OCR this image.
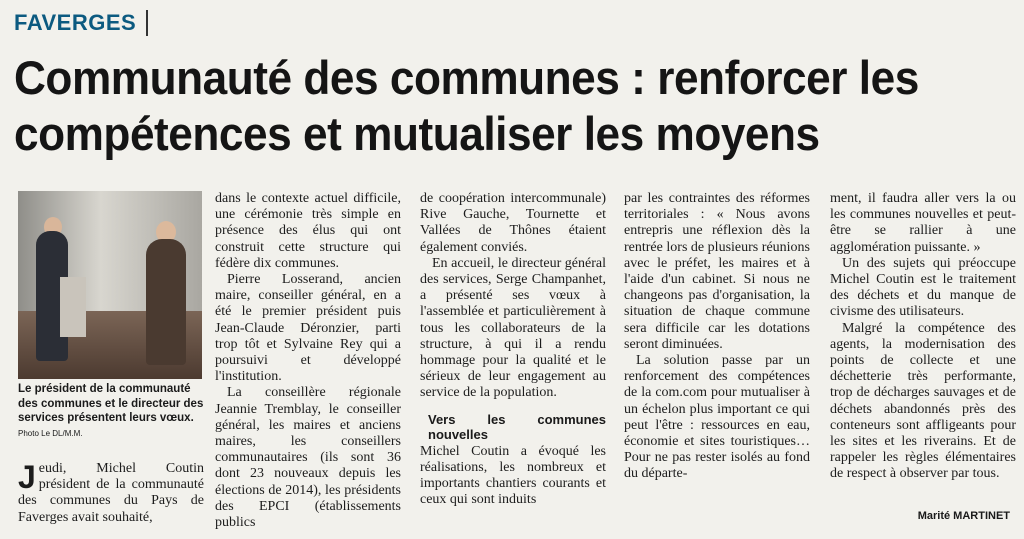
FAVERGES
Communauté des communes : renforcer les compétences et mutualiser les moyens
Le président de la communauté des communes et le directeur des services présentent leurs vœux. Photo Le DL/M.M.

Jeudi, Michel Coutin président de la communauté des communes du Pays de Faverges avait souhaité,

dans le contexte actuel difficile, une cérémonie très simple en présence des élus qui ont construit cette structure qui fédère dix communes.

Pierre Losserand, ancien maire, conseiller général, en a été le premier président puis Jean-Claude Déronzier, parti trop tôt et Sylvaine Rey qui a poursuivi et développé l'institution.

La conseillère régionale Jeannie Tremblay, le conseiller général, les maires et anciens maires, les conseillers communautaires (ils sont 36 dont 23 nouveaux depuis les élections de 2014), les présidents des EPCI (établissements publics

de coopération intercommunale) Rive Gauche, Tournette et Vallées de Thônes étaient également conviés.

En accueil, le directeur général des services, Serge Champanhet, a présenté ses vœux à l'assemblée et particulièrement à tous les collaborateurs de la structure, à qui il a rendu hommage pour la qualité et le sérieux de leur engagement au service de la population.

Vers les communes nouvelles
Michel Coutin a évoqué les réalisations, les nombreux et importants chantiers courants et ceux qui sont induits

par les contraintes des réformes territoriales : « Nous avons entrepris une réflexion dès la rentrée lors de plusieurs réunions avec le préfet, les maires et à l'aide d'un cabinet. Si nous ne changeons pas d'organisation, la situation de chaque commune sera difficile car les dotations seront diminuées.

La solution passe par un renforcement des compétences de la com.com pour mutualiser à un échelon plus important ce qui peut l'être : ressources en eau, économie et sites touristiques… Pour ne pas rester isolés au fond du départe-

ment, il faudra aller vers la ou les communes nouvelles et peut-être se rallier à une agglomération puissante. »

Un des sujets qui préoccupe Michel Coutin est le traitement des déchets et du manque de civisme des utilisateurs.

Malgré la compétence des agents, la modernisation des points de collecte et une déchetterie très performante, trop de décharges sauvages et de déchets abandonnés près des conteneurs sont affligeants pour les sites et les riverains. Et de rappeler les règles élémentaires de respect à observer par tous.

Marité MARTINET
